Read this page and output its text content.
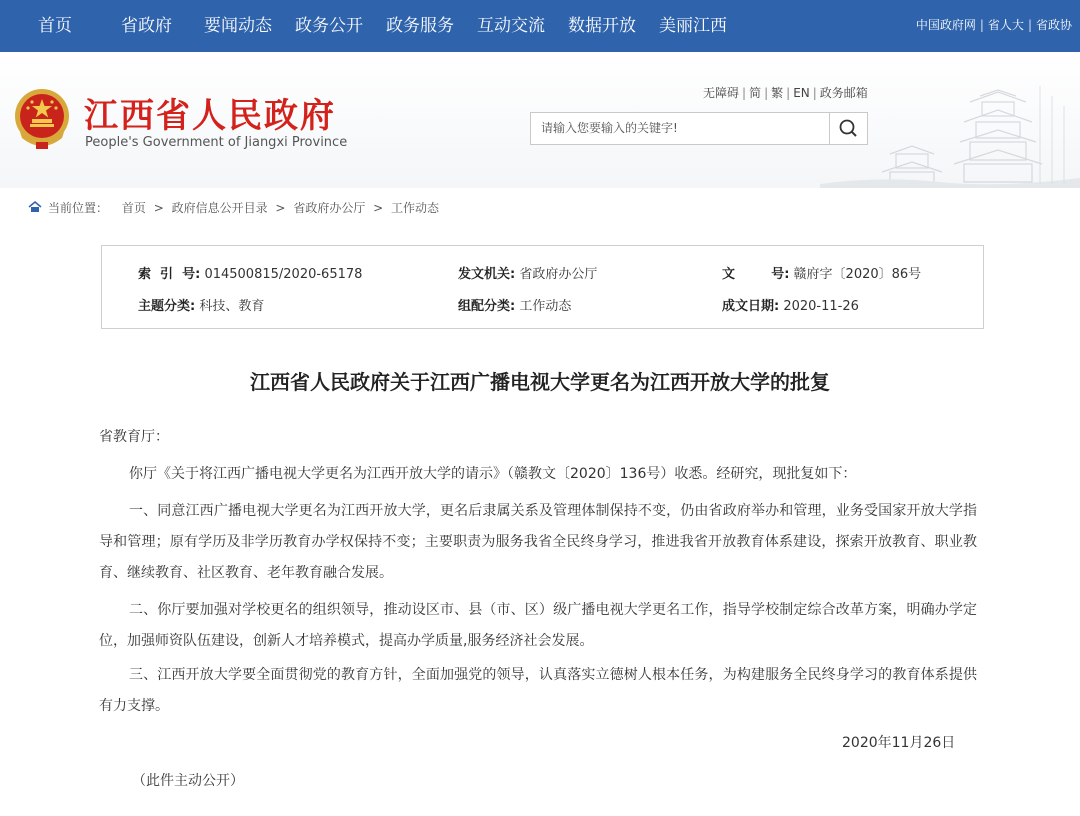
首页	省政府 要闻动态 政务公开 政务服务 互动交流 数据开放 美丽江西	中国政府网 | 省人大 | 省政协
江西省人民政府
People's Government of Jiangxi Province
无障碍 | 简 | 繁 | EN | 政务邮箱
请输入您要输入的关键字!
当前位置： 首页 > 政府信息公开目录 > 省政府办公厅 > 工作动态
索  引  号: 014500815/2020-65178	发文机关: 省政府办公厅	文        号: 赣府字〔2020〕86号
主题分类: 科技、教育	组配分类: 工作动态	成文日期: 2020-11-26
江西省人民政府关于江西广播电视大学更名为江西开放大学的批复
省教育厅：
你厅《关于将江西广播电视大学更名为江西开放大学的请示》（赣教文〔2020〕136号）收悉。经研究，现批复如下：
一、同意江西广播电视大学更名为江西开放大学，更名后隶属关系及管理体制保持不变，仍由省政府举办和管理，业务受国家开放大学指导和管理；原有学历及非学历教育办学权保持不变；主要职责为服务我省全民终身学习，推进我省开放教育体系建设，探索开放教育、职业教育、继续教育、社区教育、老年教育融合发展。
二、你厅要加强对学校更名的组织领导，推动设区市、县（市、区）级广播电视大学更名工作，指导学校制定综合改革方案，明确办学定位，加强师资队伍建设，创新人才培养模式，提高办学质量,服务经济社会发展。
三、江西开放大学要全面贯彻党的教育方针，全面加强党的领导，认真落实立德树人根本任务，为构建服务全民终身学习的教育体系提供有力支撑。
2020年11月26日
（此件主动公开）
